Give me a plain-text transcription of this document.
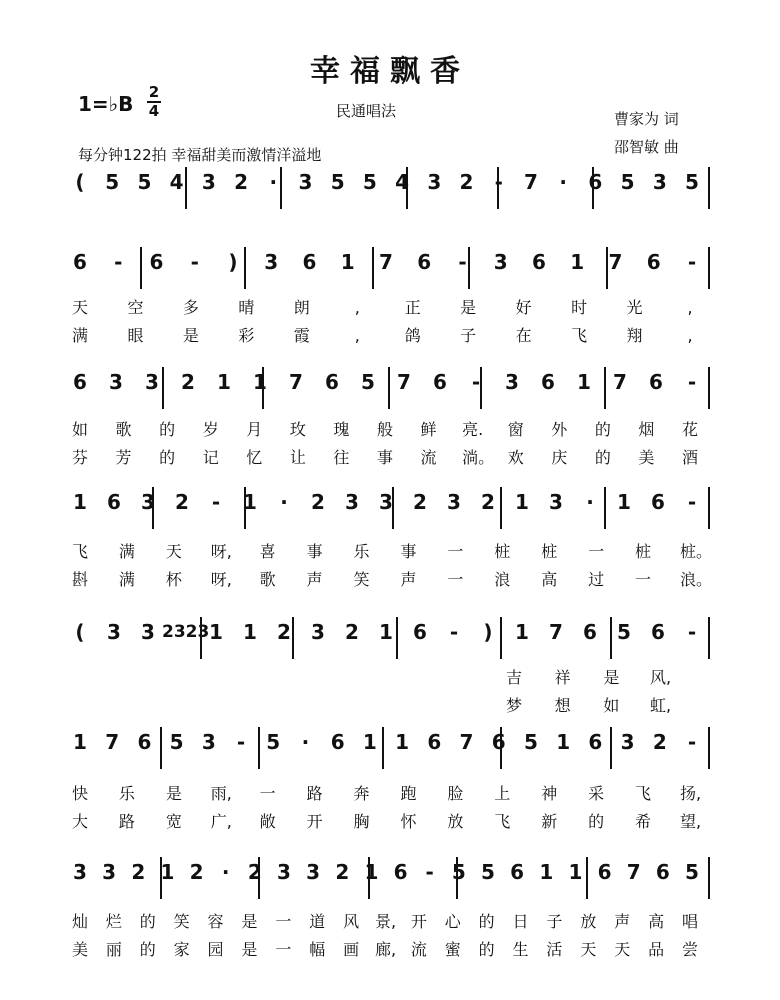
幸福飘香
1=♭B 2
4	民通唱法	曹家为 词
邵智敏 曲
每分钟122拍 幸福甜美而激情洋溢地
( 5 5 4 3 2 · 3 5 5 4 3 2 - 7 · 6 5 3 5
6 - 6 - ) 3 6 1 7 6 - 3 6 1 7 6 -
6 3 3 2 1 1 7 6 5 7 6 - 3 6 1 7 6 -
1 6 3 2 - 1 · 2 3 3 2 3 2 1 3 · 1 6 -
( 3 3 2323 1 1 2 3 2 1 6 - ) 1 7 6 5 6 -
1 7 6 5 3 - 5 · 6 1 1 6 7 6 5 1 6 3 2 -
3 3 2 1 2 · 2 3 3 2 1 6 - 5 5 6 1 1 6 7 6 5
天 空 多 晴 朗	,	正 是 好 时 光	,
满 眼 是 彩 霞	,	鸽 子 在 飞 翔	,
如 歌 的 岁 月 玫 瑰 般 鲜 亮.	窗 外 的 烟 花
芬 芳 的 记 忆 让 往 事 流 淌。 欢 庆 的 美 酒
飞 满 天 呀,	喜 事 乐 事 一 桩 桩 一 桩 桩。
斟 满 杯 呀,	歌 声 笑 声 一 浪 高 过 一 浪。
吉 祥 是 风,
梦 想 如 虹,
快 乐 是 雨,	一 路 奔 跑 脸 上 神 采 飞 扬,
大 路 宽 广,	敞 开 胸 怀 放 飞 新 的 希 望,
灿 烂 的 笑 容 是 一 道 风 景, 开 心 的 日 子 放 声 高 唱
美 丽 的 家 园 是 一 幅 画 廊, 流 蜜 的 生 活 天 天 品 尝
